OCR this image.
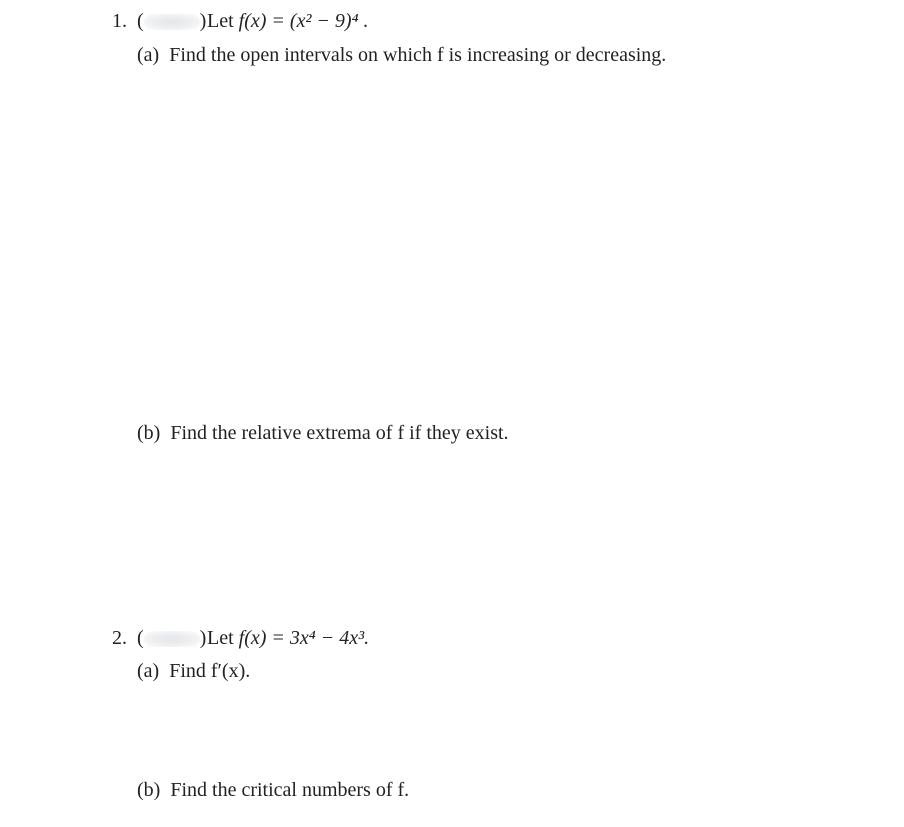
1. (	) Let f(x) = (x² − 9)⁴ .
(a) Find the open intervals on which f is increasing or decreasing.
(b) Find the relative extrema of f if they exist.
2. (	) Let f(x) = 3x⁴ − 4x³.
(a) Find f′(x).
(b) Find the critical numbers of f.
